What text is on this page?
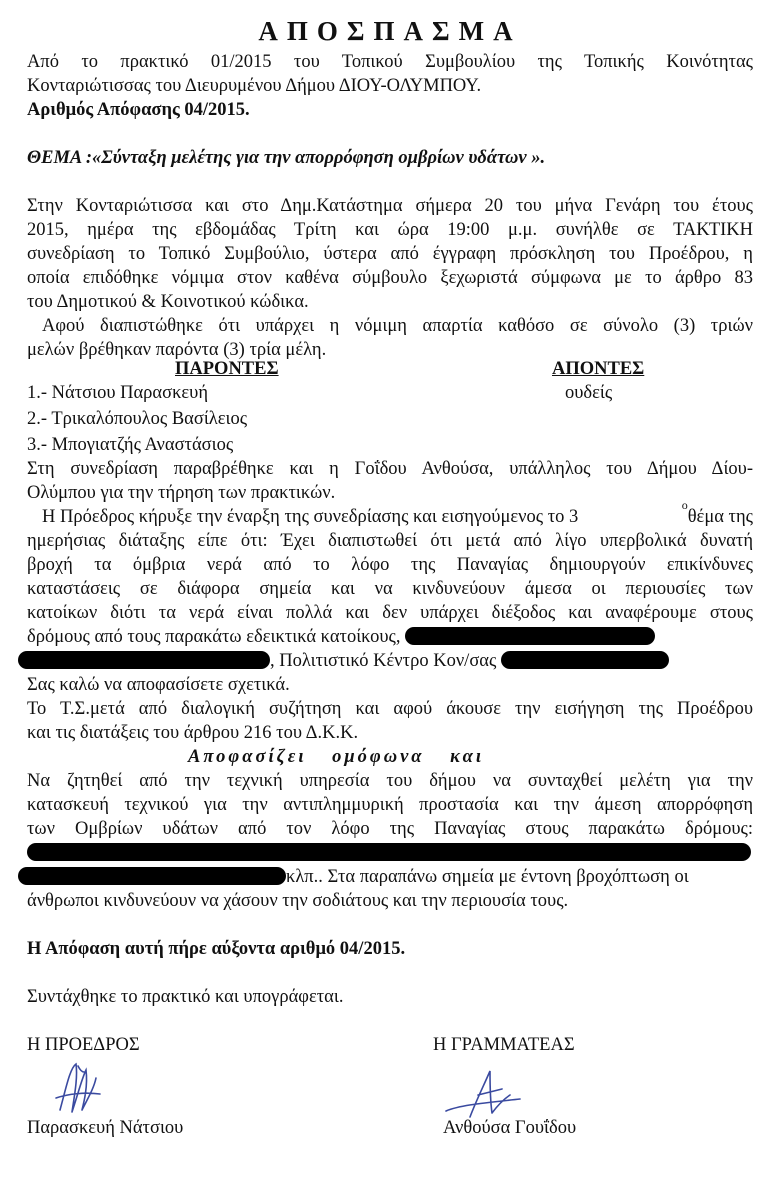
ΑΠΟΣΠΑΣΜΑ
Από το πρακτικό 01/2015 του Τοπικού Συμβουλίου της Τοπικής Κοινότητας
Κονταριώτισσας του Διευρυμένου Δήμου ΔΙΟΥ-ΟΛΥΜΠΟΥ.
Αριθμός Απόφασης 04/2015.
ΘΕΜΑ :«Σύνταξη μελέτης για την απορρόφηση ομβρίων υδάτων ».
Στην Κονταριώτισσα και στο Δημ.Κατάστημα σήμερα 20 του μήνα Γενάρη του έτους
2015, ημέρα της εβδομάδας Τρίτη και ώρα 19:00 μ.μ. συνήλθε σε ΤΑΚΤΙΚΗ
συνεδρίαση το Τοπικό Συμβούλιο, ύστερα από έγγραφη πρόσκληση του Προέδρου, η
οποία επιδόθηκε νόμιμα στον καθένα σύμβουλο ξεχωριστά σύμφωνα με το άρθρο 83
του Δημοτικού & Κοινοτικού κώδικα.
Αφού διαπιστώθηκε ότι υπάρχει η νόμιμη απαρτία καθόσο σε σύνολο (3) τριών
μελών βρέθηκαν παρόντα (3) τρία μέλη.
ΠΑΡΟΝΤΕΣ	ΑΠΟΝΤΕΣ
1.- Νάτσιου Παρασκευή	ουδείς
2.- Τρικαλόπουλος Βασίλειος
3.- Μπογιατζής Αναστάσιος
Στη συνεδρίαση παραβρέθηκε και η Γοΐδου Ανθούσα, υπάλληλος του Δήμου Δίου-
Ολύμπου για την τήρηση των πρακτικών.
Η Πρόεδρος κήρυξε την έναρξη της συνεδρίασης και εισηγούμενος το 3
ο
θέμα της
ημερήσιας διάταξης είπε ότι: Έχει διαπιστωθεί ότι μετά από λίγο υπερβολικά δυνατή
βροχή τα όμβρια νερά από το λόφο της Παναγίας δημιουργούν επικίνδυνες
καταστάσεις σε διάφορα σημεία και να κινδυνεύουν άμεσα οι περιουσίες των
κατοίκων διότι τα νερά είναι πολλά και δεν υπάρχει διέξοδος και αναφέρουμε στους
δρόμους από τους παρακάτω εδεικτικά κατοίκους,
, Πολιτιστικό Κέντρο Κον/σας
Σας καλώ να αποφασίσετε σχετικά.
Το Τ.Σ.μετά από διαλογική συζήτηση και αφού άκουσε την εισήγηση της Προέδρου
και τις διατάξεις του άρθρου 216 του Δ.Κ.Κ.
Αποφασίζει ομόφωνα και
Να ζητηθεί από την τεχνική υπηρεσία του δήμου να συνταχθεί μελέτη για την
κατασκευή τεχνικού για την αντιπλημμυρική προστασία και την άμεση απορρόφηση
των Ομβρίων υδάτων από τον λόφο της Παναγίας στους παρακάτω δρόμους:
κλπ.. Στα παραπάνω σημεία με έντονη βροχόπτωση οι
άνθρωποι κινδυνεύουν να χάσουν την σοδιάτους και την περιουσία τους.
Η Απόφαση αυτή πήρε αύξοντα αριθμό 04/2015.
Συντάχθηκε το πρακτικό και υπογράφεται.
Η ΠΡΟΕΔΡΟΣ	Η ΓΡΑΜΜΑΤΕΑΣ
Παρασκευή Νάτσιου	Ανθούσα Γουΐδου
